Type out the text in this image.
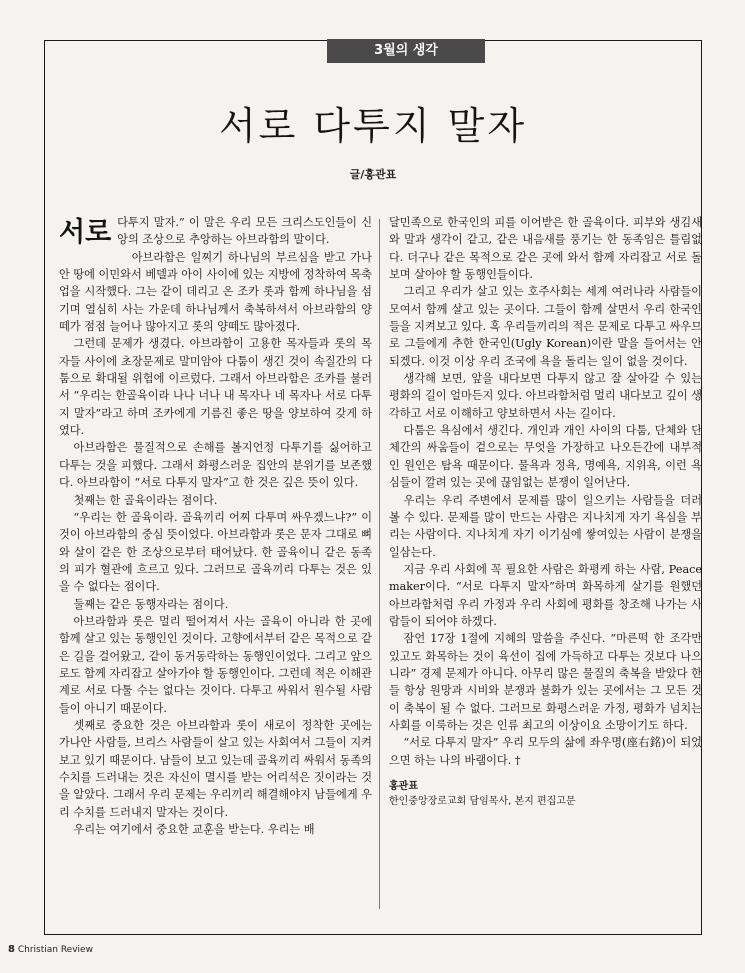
3월의 생각
서로 다투지 말자
글/홍관표

서로 다투지 말자.” 이 말은 우리 모든 크리스도인들이 신앙의 조상으로 추앙하는 아브라함의 말이다.

아브라함은 일찌기 하나님의 부르심을 받고 가나안 땅에 이민와서 베델과 아이 사이에 있는 지방에 정착하여 목축업을 시작했다. 그는 같이 데리고 온 조카 롯과 함께 하나님을 섬기며 열심히 사는 가운데 하나님께서 축복하셔서 아브라함의 양떼가 점점 늘어나 많아지고 롯의 양떼도 많아졌다.

그런데 문제가 생겼다. 아브라함이 고용한 목자들과 롯의 목자들 사이에 초장문제로 말미암아 다툼이 생긴 것이 속질간의 다툼으로 확대될 위험에 이르렀다. 그래서 아브라함은 조카를 불러서 “우리는 한골육이라 나나 너나 내 목자나 네 목자나 서로 다투지 말자”라고 하며 조카에게 기름진 좋은 땅을 양보하여 갖게 하였다.

아브라함은 물질적으로 손해를 볼지언정 다투기를 싫어하고 다투는 것을 피했다. 그래서 화평스러운 집안의 분위기를 보존했다. 아브라함이 “서로 다투지 말자”고 한 것은 깊은 뜻이 있다.

첫째는 한 골육이라는 점이다.

“우리는 한 골육이라. 골육끼리 어찌 다투며 싸우겠느냐?” 이것이 아브라함의 중심 뜻이었다. 아브라함과 롯은 문자 그대로 뼈와 살이 같은 한 조상으로부터 태어났다. 한 골육이니 같은 동족의 피가 혈관에 흐르고 있다. 그러므로 골육끼리 다투는 것은 있을 수 없다는 점이다.

둘째는 같은 동행자라는 점이다.

아브라함과 롯은 멀리 떨어져서 사는 골육이 아니라 한 곳에 함께 살고 있는 동행인인 것이다. 고향에서부터 같은 목적으로 같은 길을 걸어왔고, 같이 동거동락하는 동행인이었다. 그리고 앞으로도 함께 자리잡고 살아가야 할 동행인이다. 그런데 적은 이해관계로 서로 다툴 수는 없다는 것이다. 다투고 싸워서 원수될 사람들이 아니기 때문이다.

셋째로 중요한 것은 아브라함과 롯이 새로이 정착한 곳에는 가나안 사람들, 브리스 사람들이 살고 있는 사회여서 그들이 지켜보고 있기 때문이다. 남들이 보고 있는데 골육끼리 싸워서 동족의 수치를 드러내는 것은 자신이 멸시를 받는 어리석은 짓이라는 것을 알았다. 그래서 우리 문제는 우리끼리 해결해야지 남들에게 우리 수치를 드러내지 말자는 것이다.

우리는 여기에서 중요한 교훈을 받는다. 우리는 배

달민족으로 한국인의 피를 이어받은 한 골육이다. 피부와 생김새와 말과 생각이 같고, 같은 내음새를 풍기는 한 동족임은 틀림없다. 더구나 같은 목적으로 같은 곳에 와서 함께 자리잡고 서로 돌보며 살아야 할 동행인들이다.

그리고 우리가 살고 있는 호주사회는 세계 여러나라 사람들이 모여서 함께 살고 있는 곳이다. 그들이 함께 살면서 우리 한국인들을 지켜보고 있다. 혹 우리들끼리의 적은 문제로 다투고 싸우므로 그들에게 추한 한국인(Ugly Korean)이란 말을 들어서는 안되겠다. 이것 이상 우리 조국에 욕을 돌리는 일이 없을 것이다.

생각해 보면, 앞을 내다보면 다투지 않고 잘 살아갈 수 있는 평화의 길이 얼마든지 있다. 아브라함처럼 멀리 내다보고 깊이 생각하고 서로 이해하고 양보하면서 사는 길이다.

다툼은 욕심에서 생긴다. 개인과 개인 사이의 다툼, 단체와 단체간의 싸움들이 겉으로는 무엇을 가장하고 나오든간에 내부적인 원인은 탐욕 때문이다. 물욕과 정욕, 명예욕, 지위욕, 이런 욕심들이 깔려 있는 곳에 끊임없는 분쟁이 일어난다.

우리는 우리 주변에서 문제를 많이 일으키는 사람들을 더러 볼 수 있다. 문제를 많이 만드는 사람은 지나치게 자기 욕심을 부리는 사람이다. 지나치게 자기 이기심에 쌓여있는 사람이 분쟁을 일삼는다.

지금 우리 사회에 꼭 필요한 사람은 화평케 하는 사람, Peace maker이다. “서로 다투지 말자”하며 화목하게 살기를 원했던 아브라함처럼 우리 가정과 우리 사회에 평화를 창조해 나가는 사람들이 되어야 하겠다.

잠언 17장 1절에 지혜의 말씀을 주신다. “마른떡 한 조각만 있고도 화목하는 것이 육선이 집에 가득하고 다투는 것보다 나으니라” 경제 문제가 아니다. 아무리 많은 물질의 축복을 받았다 한들 항상 원망과 시비와 분쟁과 불화가 있는 곳에서는 그 모든 것이 축복이 될 수 없다. 그러므로 화평스러운 가정, 평화가 넘치는 사회를 이룩하는 것은 인류 최고의 이상이요 소망이기도 하다.

“서로 다투지 말자” 우리 모두의 삶에 좌우명(座右銘)이 되었으면 하는 나의 바램이다. †

홍관표
한인중앙장로교회 담임목사, 본지 편집고문
8 Christian Review
